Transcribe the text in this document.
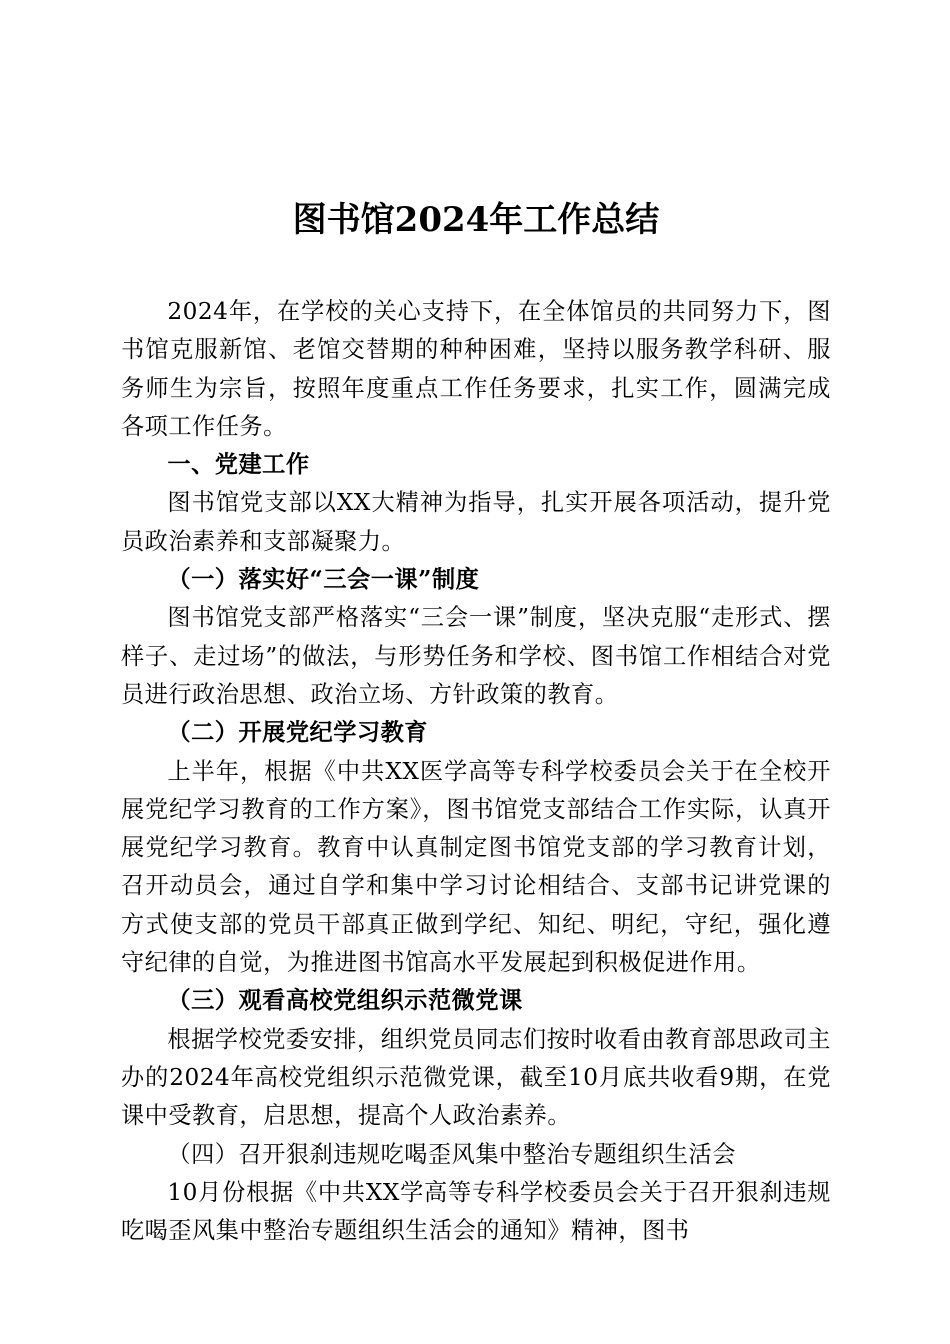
图书馆2024年工作总结

2024年，在学校的关心支持下，在全体馆员的共同努力下，图书馆克服新馆、老馆交替期的种种困难，坚持以服务教学科研、服务师生为宗旨，按照年度重点工作任务要求，扎实工作，圆满完成各项工作任务。

一、党建工作

图书馆党支部以XX大精神为指导，扎实开展各项活动，提升党员政治素养和支部凝聚力。

（一）落实好“三会一课”制度

图书馆党支部严格落实“三会一课”制度，坚决克服“走形式、摆样子、走过场”的做法，与形势任务和学校、图书馆工作相结合对党员进行政治思想、政治立场、方针政策的教育。

（二）开展党纪学习教育

上半年，根据《中共XX医学高等专科学校委员会关于在全校开展党纪学习教育的工作方案》，图书馆党支部结合工作实际，认真开展党纪学习教育。教育中认真制定图书馆党支部的学习教育计划，召开动员会，通过自学和集中学习讨论相结合、支部书记讲党课的方式使支部的党员干部真正做到学纪、知纪、明纪，守纪，强化遵守纪律的自觉，为推进图书馆高水平发展起到积极促进作用。

（三）观看高校党组织示范微党课

根据学校党委安排，组织党员同志们按时收看由教育部思政司主办的2024年高校党组织示范微党课，截至10月底共收看9期，在党课中受教育，启思想，提高个人政治素养。

（四）召开狠刹违规吃喝歪风集中整治专题组织生活会

10月份根据《中共XX学高等专科学校委员会关于召开狠刹违规吃喝歪风集中整治专题组织生活会的通知》精神，图书
